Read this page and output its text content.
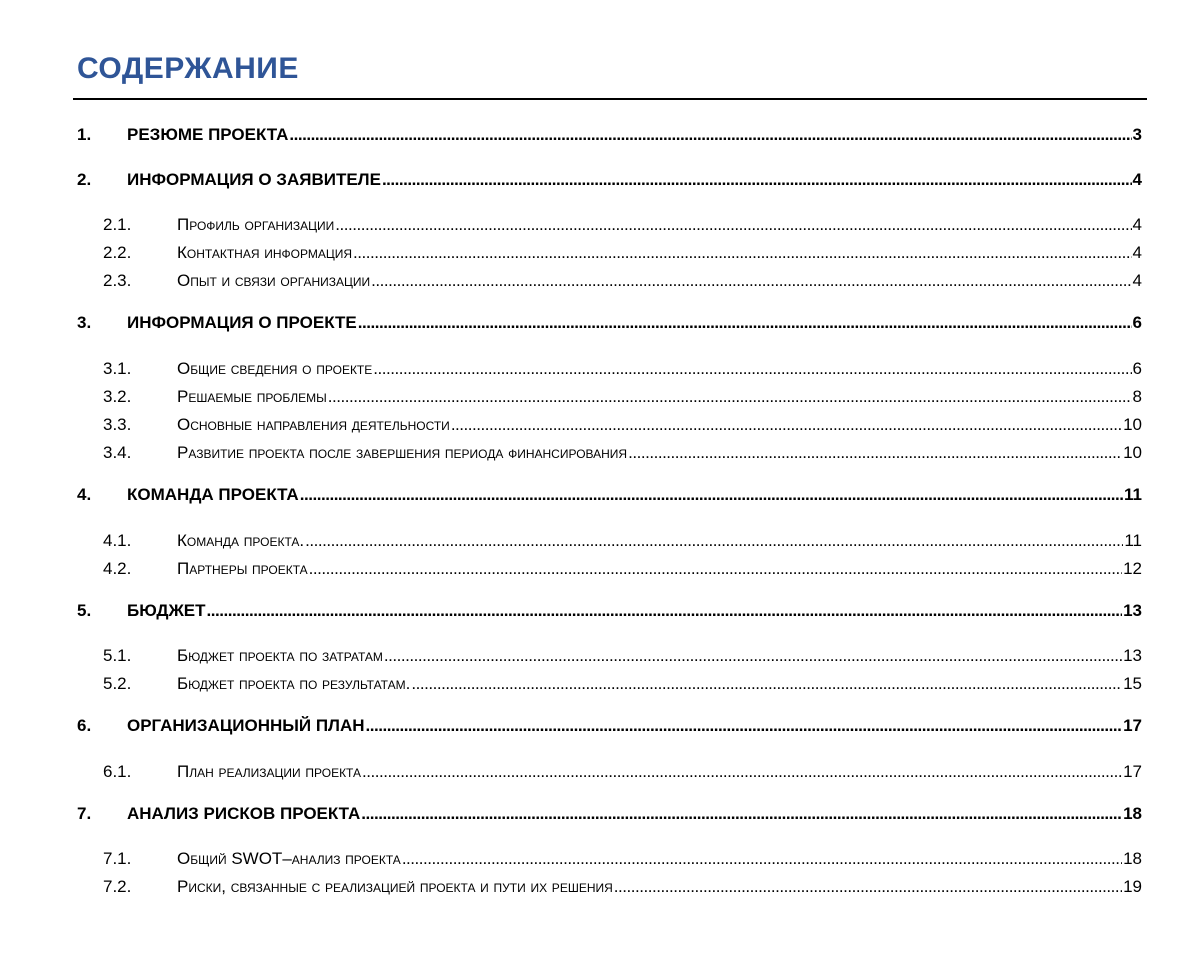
СОДЕРЖАНИЕ
1.	РЕЗЮМЕ ПРОЕКТА . . .	3
2.	ИНФОРМАЦИЯ О ЗАЯВИТЕЛЕ . . .	4
2.1.	Профиль организации . . .	4
2.2.	Контактная информация . . .	4
2.3.	Опыт и связи организации . . .	4
3.	ИНФОРМАЦИЯ О ПРОЕКТЕ . . .	6
3.1.	Общие сведения о проекте . . .	6
3.2.	Решаемые проблемы . . .	8
3.3.	Основные направления деятельности . . .	10
3.4.	Развитие проекта после завершения периода финансирования . . .	10
4.	КОМАНДА ПРОЕКТА . . .	11
4.1.	Команда проекта. . . .	11
4.2.	Партнеры проекта . . .	12
5.	БЮДЖЕТ . . .	13
5.1.	Бюджет проекта по затратам . . .	13
5.2.	Бюджет проекта по результатам. . . .	15
6.	ОРГАНИЗАЦИОННЫЙ ПЛАН . . .	17
6.1.	План реализации проекта . . .	17
7.	АНАЛИЗ РИСКОВ ПРОЕКТА . . .	18
7.1.	Общий SWOT–анализ проекта . . .	18
7.2.	Риски, связанные с реализацией проекта и пути их решения . . .	19
